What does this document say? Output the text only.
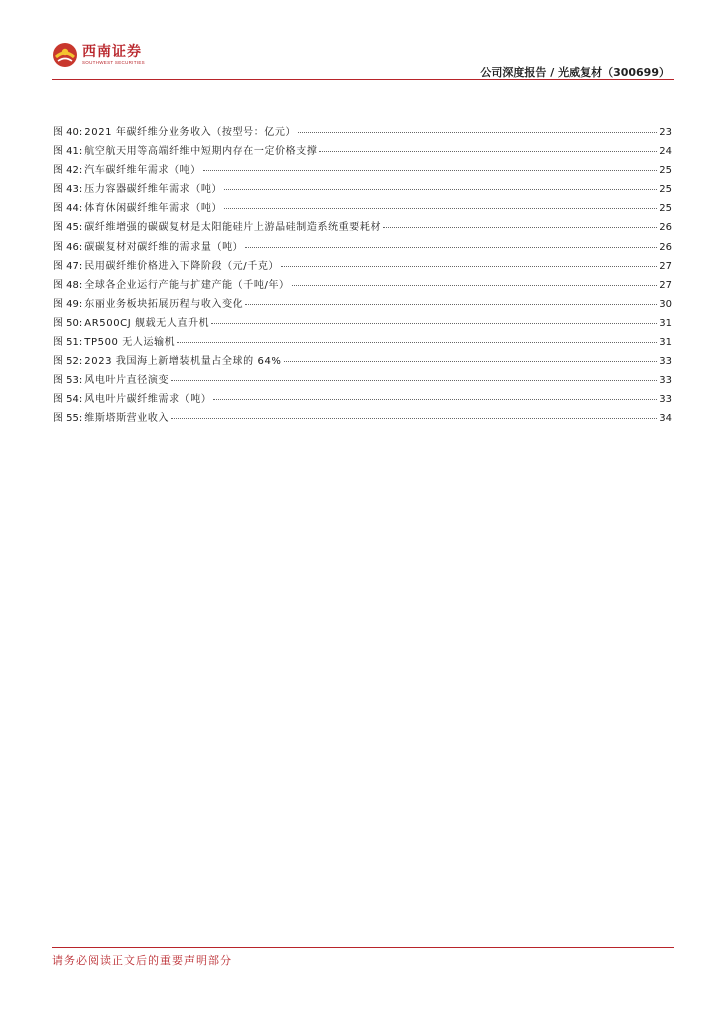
西南证券
SOUTHWEST SECURITIES
公司深度报告 / 光威复材（300699）
图 40: 2021 年碳纤维分业务收入（按型号：亿元）	23
图 41: 航空航天用等高端纤维中短期内存在一定价格支撑	24
图 42: 汽车碳纤维年需求（吨）	25
图 43: 压力容器碳纤维年需求（吨）	25
图 44: 体育休闲碳纤维年需求（吨）	25
图 45: 碳纤维增强的碳碳复材是太阳能硅片上游晶硅制造系统重要耗材	26
图 46: 碳碳复材对碳纤维的需求量（吨）	26
图 47: 民用碳纤维价格进入下降阶段（元/千克）	27
图 48: 全球各企业运行产能与扩建产能（千吨/年）	27
图 49: 东丽业务板块拓展历程与收入变化	30
图 50: AR500CJ 舰载无人直升机	31
图 51: TP500 无人运输机	31
图 52: 2023 我国海上新增装机量占全球的 64%	33
图 53: 风电叶片直径演变	33
图 54: 风电叶片碳纤维需求（吨）	33
图 55: 维斯塔斯营业收入	34
请务必阅读正文后的重要声明部分
